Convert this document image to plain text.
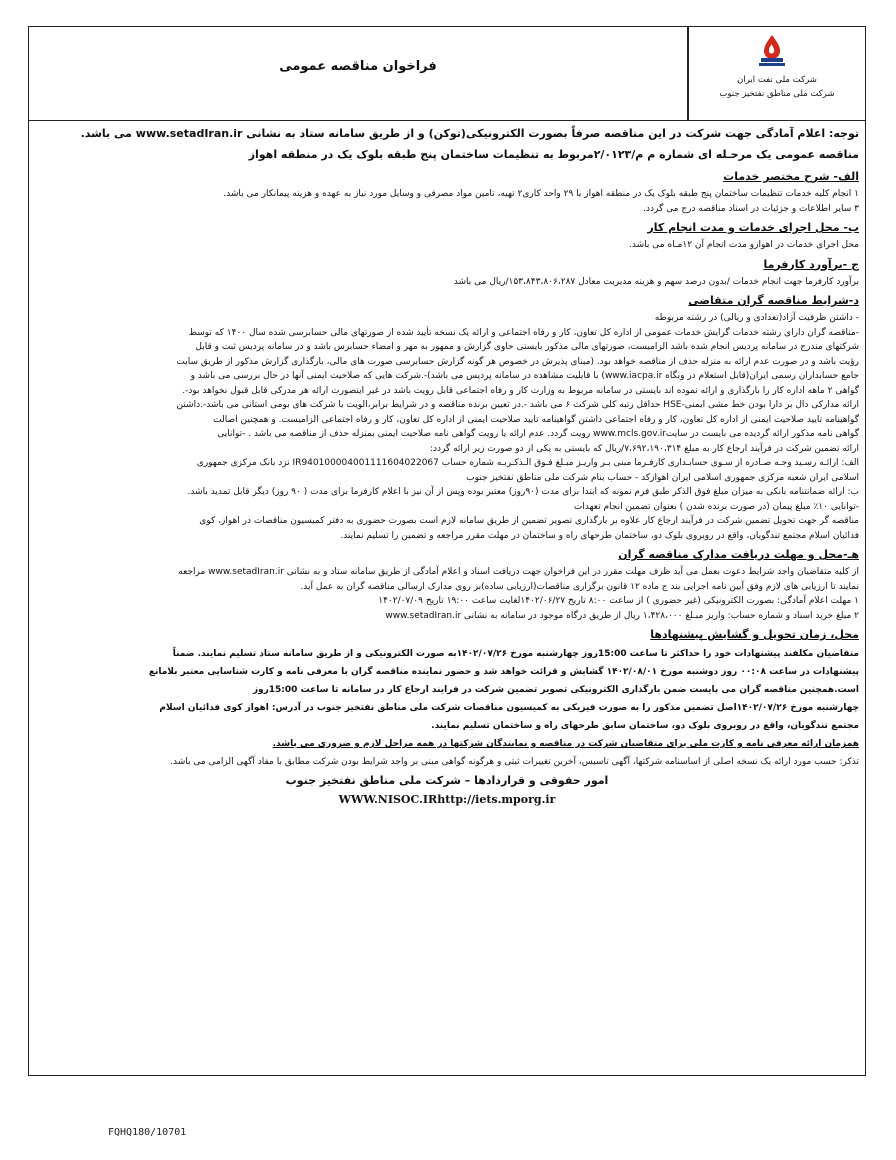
فراخوان مناقصه عمومی
شرکت ملی نفت ایران
شرکت ملی مناطق نفتخیز جنوب
توجه: اعلام آمادگی جهت شرکت در این مناقصه صرفاً بصورت الکترونیکی(توکن) و از طریق سامانه ستاد به نشانی www.setadIran.ir می باشد.
مناقصه عمومی یک مرحـله ای شماره م م/۲/۰۱۲۳مربوط به تنظیمات ساختمان پنج طبقه بلوک یک در منطقه اهواز
الف- شرح مختصر خدمات
۱ انجام کلیه خدمات تنظیمات ساختمان پنج طبقه بلوک یک در منطقه اهواز با ۲۹ واحد کاری۲ تهیه، تامین مواد مصرفی و وسایل مورد نیاز به عهده و هزینه پیمانکار می باشد.
۳ سایر اطلاعات و جزئیات در اسناد مناقصه درج می گردد.
ب- محل اجرای خدمات و مدت انجام کار
محل اجرای خدمات در اهوازو مدت انجام آن ۱۲مـاه می باشد.
ج -برآورد کارفرما
برآورد کارفرما جهت انجام خدمات /بدون درصد سهم و هزینه مدیریت معادل ۱۵۳،۸۴۳،۸۰۶،۲۸۷/ریال می باشد
د-شرایط مناقصه گران متقاضی
- داشتن ظرفیت آزاد(تعدادی و ریالی) در رشته مربوطه
-مناقصه گران دارای رشته خدمات گرایش خدمات عمومی از اداره کل تعاون، کار و رفاه اجتماعی و ارائه یک نسخه تأیید شده از صورتهای مالی حسابرسی شده سال ۱۴۰۰ که توسط
شرکتهای مندرج در سامانه پردیس انجام شده باشد الزامیست، صورتهای مالی مذکور بایستی حاوی گزارش و ممهور به مهر و امضاء حسابرس باشد و در سامانه پردیس ثبت و قابل
رؤیت باشد و در صورت عدم ارائه به منزله حذف از مناقصه خواهد بود. (مبنای پذیرش در خصوص هر گونه گزارش حسابرسی صورت های مالی، بارگذاری گزارش مذکور از طریق سایت
جامع حسابداران رسمی ایران(قابل استعلام در وبگاه www.iacpa.ir) با قابلیت مشاهده در سامانه پردیس می باشد)-.شرکت هایی که صلاحیت ایمنی آنها در حال بررسی می باشد و
گواهی ۲ ماهه اداره کار را بارگذاری و ارائه نموده اند بایستی در سامانه مربوط به وزارت کار و رفاه اجتماعی قابل رویت باشد در غیر اینصورت ارائه هر مدرکی قابل قبول نخواهد بود-.
ارائه مدارکی دال بر دارا بودن خط مشی ایمنی-HSE حداقل رتبه کلی شرکت ۶ می باشد -.در تعیین برنده مناقصه و در شرایط برابر،الویت با شرکت های بومی استانی می باشد-.داشتن
گواهینامه تایید صلاحیت ایمنی از اداره کل تعاون، کار و رفاه اجتماعی داشتن گواهینامه تایید صلاحیت ایمنی از اداره کل تعاون، کار و رفاه اجتماعی الزامیست. و همچنین اصالت
گواهی نامه مذکور ارائه گردیده می بایست در سایتwww.mcls.gov.ir رویت گردد. عدم ارائه یا رویت گواهی نامه صلاحیت ایمنی بمنزله حذف از مناقصه می باشد . -توانایی
ارائه تضمین شرکت در فرآیند ارجاع کار به مبلغ ۷،۶۹۲،۱۹۰،۳۱۴/ریال که بایستی به یکی از دو صورت زیر ارائه گردد:
الف: ارائـه رسـید وجـه صـادره از سـوی حسابـداری کارفـرما مبنی بـر واریـز مبـلغ فـوق الـذکـربـه شماره حساب IR940100004001111604022067 نزد بانک مرکزی جمهوری
اسلامی ایران شعبه مرکزی جمهوری اسلامی ایران اهوازکد - حساب بنام شرکت ملی مناطق نفتخیز جنوب
ب: ارائه ضمانتنامه بانکی به میزان مبلغ فوق الذکر طبق فرم نمونه که ابتدا برای مدت (۹۰روز) معتبر بوده وپس از آن نیز با اعلام کارفرما برای مدت ( ۹۰ روز) دیگر قابل تمدید باشد.
-توانایی ۱۰٪ مبلغ پیمان (در صورت برنده شدن ) بعنوان تضمین انجام تعهدات
مناقصه گر جهت تحویل تضمین شرکت در فرآیند ارجاع کار علاوه بر بارگذاری تصویر تضمین از طریق سامانه لازم است بصورت حضوری به دفتر کمیسیون مناقصات در اهواز، کوی
فدائیان اسلام مجتمع تندگویان، واقع در روبروی بلوک دو، ساختمان طرحهای راه و ساختمان در مهلت مقرر مراجعه و تضمین را تسلیم نمایند.
هـ-محل و مهلت دریافت مدارک مناقصه گران
از کلیه متقاضیان واجد شرایط دعوت بعمل می آید ظرف مهلت مقرر در این فراخوان جهت دریافت اسناد و اعلام آمادگی از طریق سامانه ستاد و به نشانی www.setadIran.ir مراجعه
نمایند تا ارزیابی های لازم وفق آیین نامه اجرایی بند ج ماده ۱۲ قانون برگزاری مناقصات(ارزیابی ساده)بر روی مدارک ارسالی مناقصه گران به عمل آید.
۱ مهلت اعلام آمادگی: بصورت الکترونیکی (غیر حضوری ) از ساعت ۸:۰۰ تاریخ ۱۴۰۲/۰۶/۲۷لغایت ساعت ۱۹:۰۰ تاریخ ۱۴۰۲/۰۷/۰۹
۲ مبلغ خرید اسناد و شماره حساب: واریز مبـلغ ۱،۴۲۸،۰۰۰ ریال از طریق درگاه موجود در سامانه به نشانی www.setadIran.ir
محل، زمان تحویل و گشایش پیشنهادها
متقاضیان مکلفند پیشنهادات خود را حداکثر تا ساعت 15:00روز چهارشنبه مورخ ۱۴۰۲/۰۷/۲۶به صورت الکترونیکی و از طریق سامانه ستاد تسلیم نمایند. ضمناً
پیشنهادات در ساعت ۰۰:۰۸ روز دوشنبه مورخ ۱۴۰۲/۰۸/۰۱ گشایش و قرائت خواهد شد و حضور نماینده مناقصه گران با معرفی نامه و کارت شناسایی معتبر بلامانع
است.همچنین مناقصه گران می بایست ضمن بارگذاری الکترونیکی تصویر تضمین شرکت در فرایند ارجاع کار در سامانه تا ساعت 15:00روز
چهارشنبه مورخ ۱۴۰۲/۰۷/۲۶اصل تضمین مذکور را به صورت فیزیکی به کمیسیون مناقصات شرکت ملی مناطق نفتخیز جنوب در آدرس: اهواز کوی فدائیان اسلام
مجتمع تندگویان، واقع در روبروی بلوک دو، ساختمان سابق طرحهای راه و ساختمان تسلیم نمایند.
همزمان ارائه معرفی نامه و کارت ملی برای متقاضیان شرکت در مناقصه و نمایندگان شرکتها در همه مراحل لازم و ضروری می باشد.
تذکر: حسب مورد ارائه یک نسخه اصلی از اساسنامه شرکتها، آگهی تاسیس، آخرین تغییرات ثبتی و هرگونه گواهی مبنی بر واجد شرایط بودن شرکت مطابق با مفاد آگهی الزامی می باشد.
امور حقوقی و قراردادها – شرکت ملی مناطق نفتخیز جنوب
WWW.NISOC.IRhttp://iets.mporg.ir
FQHQ180/10701
